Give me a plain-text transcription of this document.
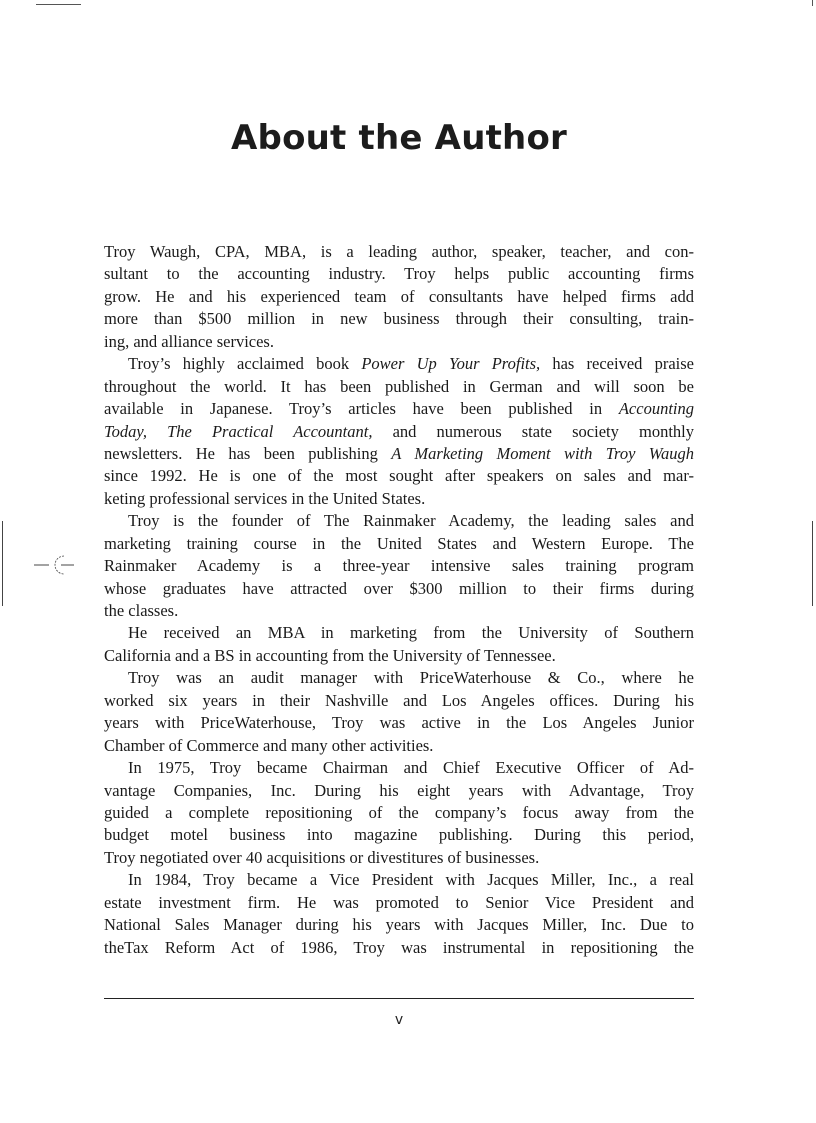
About the Author
Troy Waugh, CPA, MBA, is a leading author, speaker, teacher, and con-
sultant to the accounting industry. Troy helps public accounting firms
grow. He and his experienced team of consultants have helped firms add
more than $500 million in new business through their consulting, train-
ing, and alliance services.
Troy’s highly acclaimed book Power Up Your Profits, has received praise
throughout the world. It has been published in German and will soon be
available in Japanese. Troy’s articles have been published in Accounting
Today, The Practical Accountant, and numerous state society monthly
newsletters. He has been publishing A Marketing Moment with Troy Waugh
since 1992. He is one of the most sought after speakers on sales and mar-
keting professional services in the United States.
Troy is the founder of The Rainmaker Academy, the leading sales and
marketing training course in the United States and Western Europe. The
Rainmaker Academy is a three-year intensive sales training program
whose graduates have attracted over $300 million to their firms during
the classes.
He received an MBA in marketing from the University of Southern
California and a BS in accounting from the University of Tennessee.
Troy was an audit manager with PriceWaterhouse & Co., where he
worked six years in their Nashville and Los Angeles offices. During his
years with PriceWaterhouse, Troy was active in the Los Angeles Junior
Chamber of Commerce and many other activities.
In 1975, Troy became Chairman and Chief Executive Officer of Ad-
vantage Companies, Inc. During his eight years with Advantage, Troy
guided a complete repositioning of the company’s focus away from the
budget motel business into magazine publishing. During this period,
Troy negotiated over 40 acquisitions or divestitures of businesses.
In 1984, Troy became a Vice President with Jacques Miller, Inc., a real
estate investment firm. He was promoted to Senior Vice President and
National Sales Manager during his years with Jacques Miller, Inc. Due to
theTax Reform Act of 1986, Troy was instrumental in repositioning the
v
